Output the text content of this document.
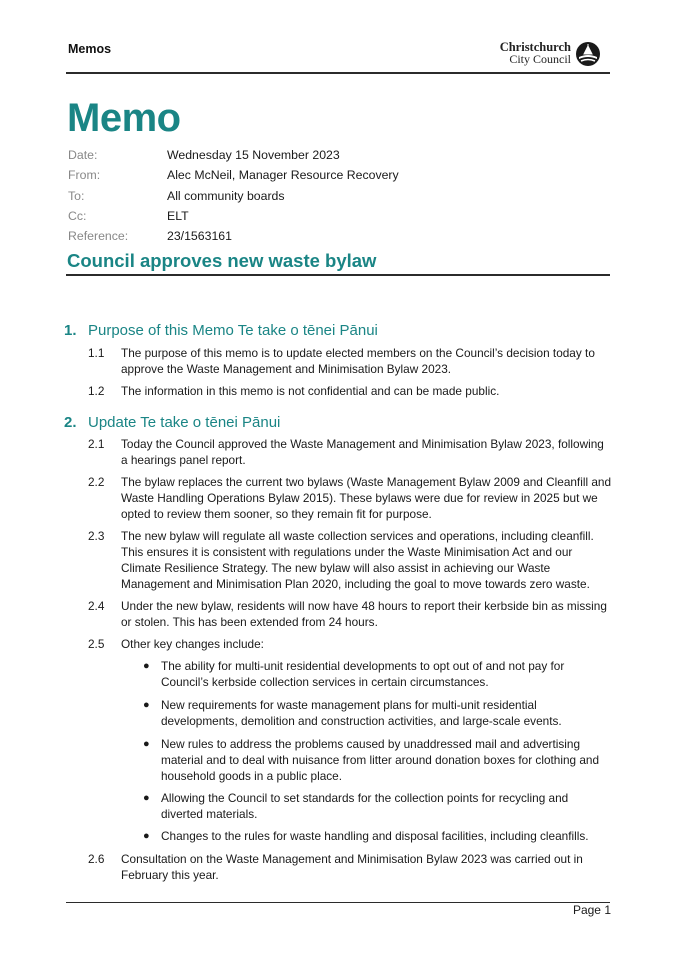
Memos	Christchurch
City Council
Memo
Date:	Wednesday 15 November 2023
From:	Alec McNeil, Manager Resource Recovery
To:	All community boards
Cc:	ELT
Reference:	23/1563161
Council approves new waste bylaw
1. Purpose of this Memo Te take o tēnei Pānui
1.1	The purpose of this memo is to update elected members on the Council’s decision today to approve the Waste Management and Minimisation Bylaw 2023.
1.2	The information in this memo is not confidential and can be made public.
2. Update Te take o tēnei Pānui
2.1	Today the Council approved the Waste Management and Minimisation Bylaw 2023, following a hearings panel report.
2.2	The bylaw replaces the current two bylaws (Waste Management Bylaw 2009 and Cleanfill and Waste Handling Operations Bylaw 2015). These bylaws were due for review in 2025 but we opted to review them sooner, so they remain fit for purpose.
2.3	The new bylaw will regulate all waste collection services and operations, including cleanfill. This ensures it is consistent with regulations under the Waste Minimisation Act and our Climate Resilience Strategy. The new bylaw will also assist in achieving our Waste Management and Minimisation Plan 2020, including the goal to move towards zero waste.
2.4	Under the new bylaw, residents will now have 48 hours to report their kerbside bin as missing or stolen. This has been extended from 24 hours.
2.5	Other key changes include:
● The ability for multi-unit residential developments to opt out of and not pay for Council’s kerbside collection services in certain circumstances.
● New requirements for waste management plans for multi-unit residential developments, demolition and construction activities, and large-scale events.
● New rules to address the problems caused by unaddressed mail and advertising material and to deal with nuisance from litter around donation boxes for clothing and household goods in a public place.
● Allowing the Council to set standards for the collection points for recycling and diverted materials.
● Changes to the rules for waste handling and disposal facilities, including cleanfills.
2.6	Consultation on the Waste Management and Minimisation Bylaw 2023 was carried out in February this year.
Page 1
